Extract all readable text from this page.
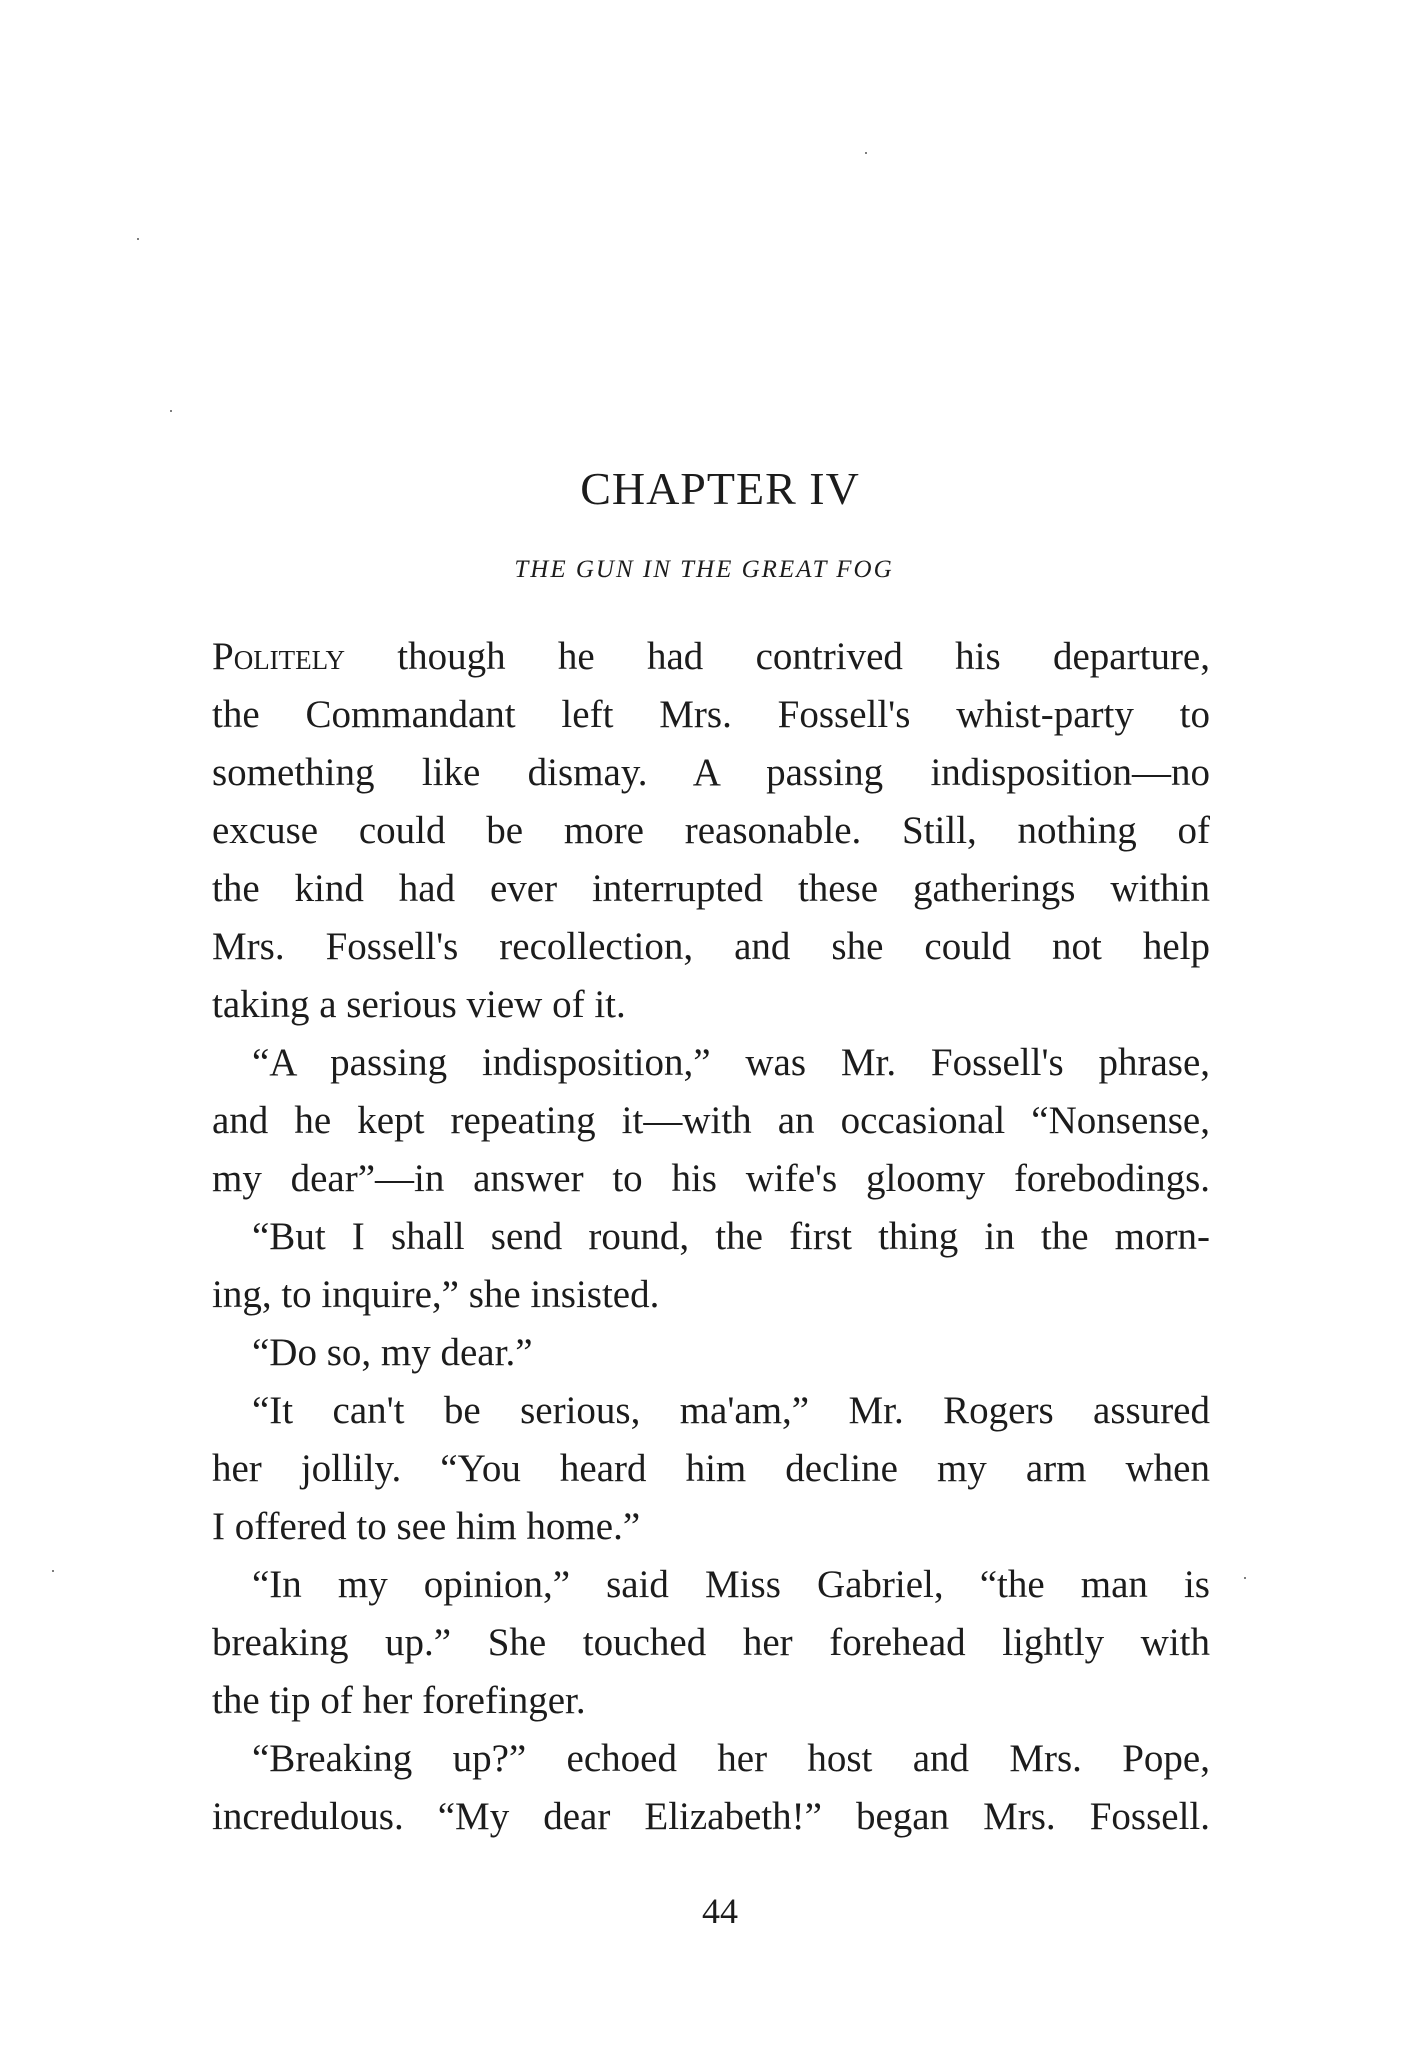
CHAPTER IV
THE GUN IN THE GREAT FOG
Politely though he had contrived his departure,
the Commandant left Mrs. Fossell's whist-party to
something like dismay. A passing indisposition—no
excuse could be more reasonable. Still, nothing of
the kind had ever interrupted these gatherings within
Mrs. Fossell's recollection, and she could not help
taking a serious view of it.
“A passing indisposition,” was Mr. Fossell's phrase,
and he kept repeating it—with an occasional “Nonsense,
my dear”—in answer to his wife's gloomy forebodings.
“But I shall send round, the first thing in the morn-
ing, to inquire,” she insisted.
“Do so, my dear.”
“It can't be serious, ma'am,” Mr. Rogers assured
her jollily. “You heard him decline my arm when
I offered to see him home.”
“In my opinion,” said Miss Gabriel, “the man is
breaking up.” She touched her forehead lightly with
the tip of her forefinger.
“Breaking up?” echoed her host and Mrs. Pope,
incredulous. “My dear Elizabeth!” began Mrs. Fossell.
44
